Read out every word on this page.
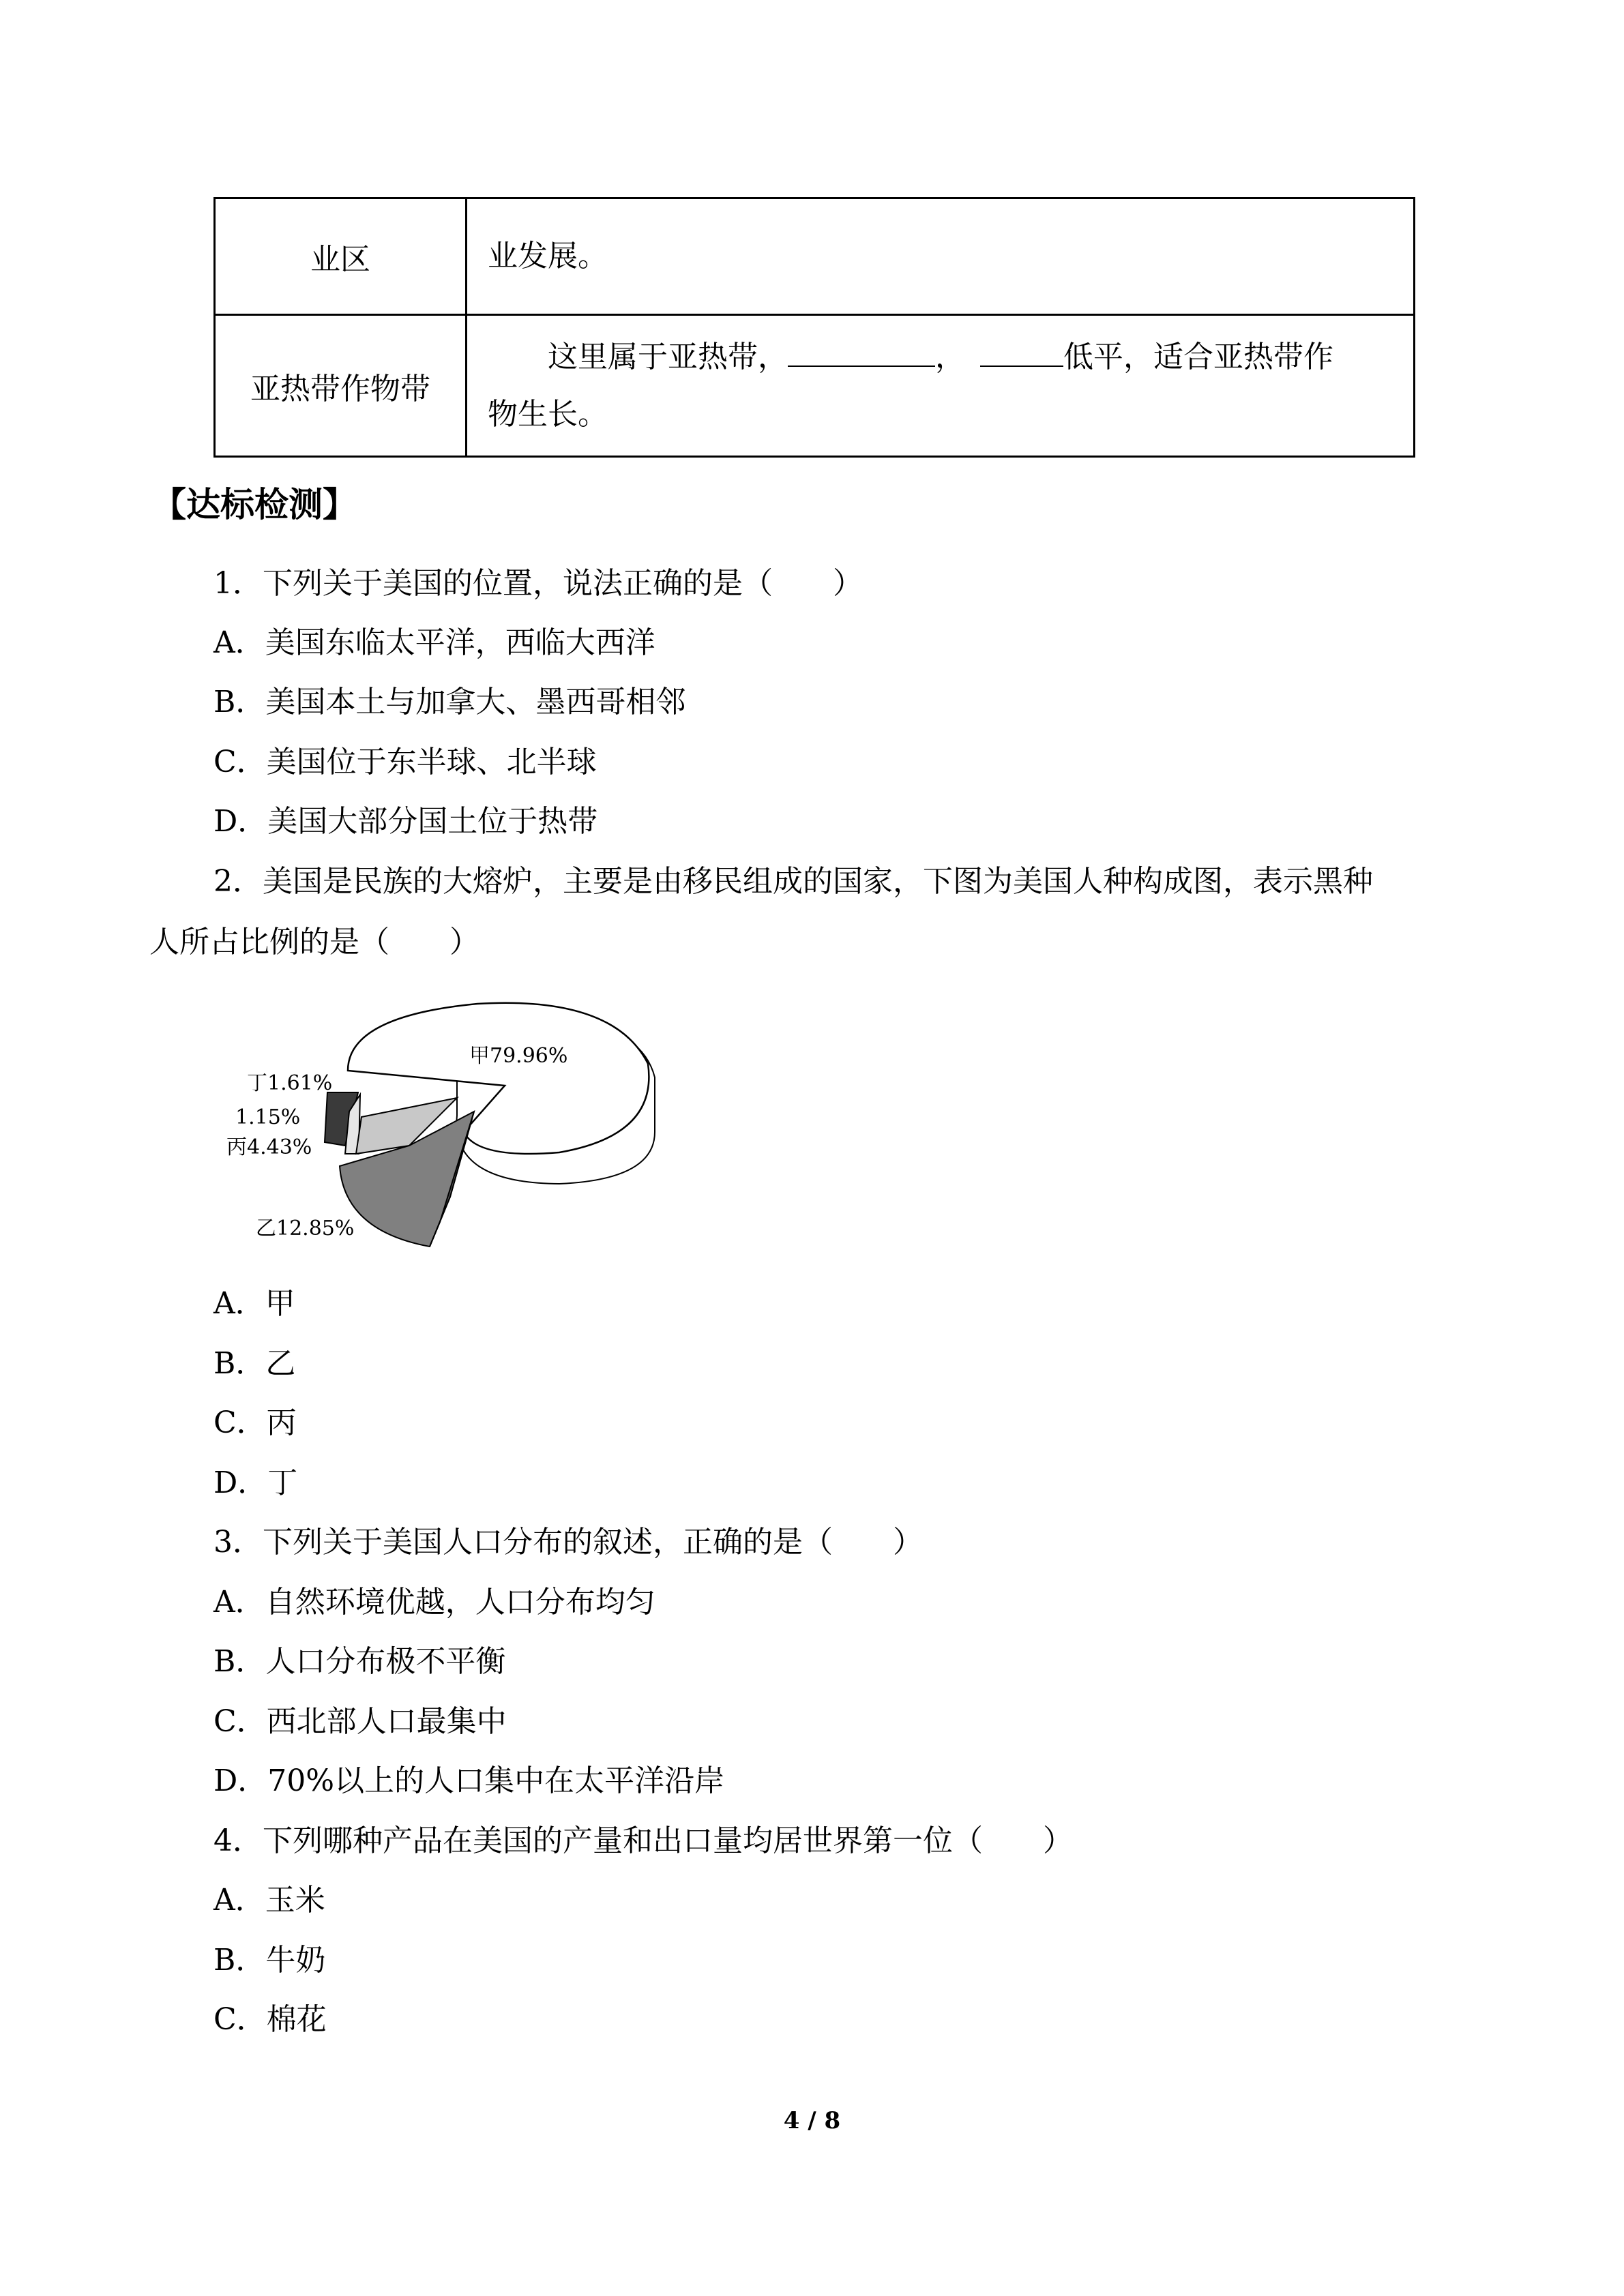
业区	业发展。
亚热带作物带	这里属于亚热带， ， 低平，适合亚热带作
物生长。
【达标检测】
1．下列关于美国的位置，说法正确的是（　　）
A．美国东临太平洋，西临大西洋
B．美国本土与加拿大、墨西哥相邻
C．美国位于东半球、北半球
D．美国大部分国土位于热带
2．美国是民族的大熔炉，主要是由移民组成的国家，下图为美国人种构成图，表示黑种
人所占比例的是（　　）
甲79.96%
乙12.85%
丙4.43%
1.15%
丁1.61%
A．甲
B．乙
C．丙
D．丁
3．下列关于美国人口分布的叙述，正确的是（　　）
A．自然环境优越，人口分布均匀
B．人口分布极不平衡
C．西北部人口最集中
D．70%以上的人口集中在太平洋沿岸
4．下列哪种产品在美国的产量和出口量均居世界第一位（　　）
A．玉米
B．牛奶
C．棉花
4 / 8
